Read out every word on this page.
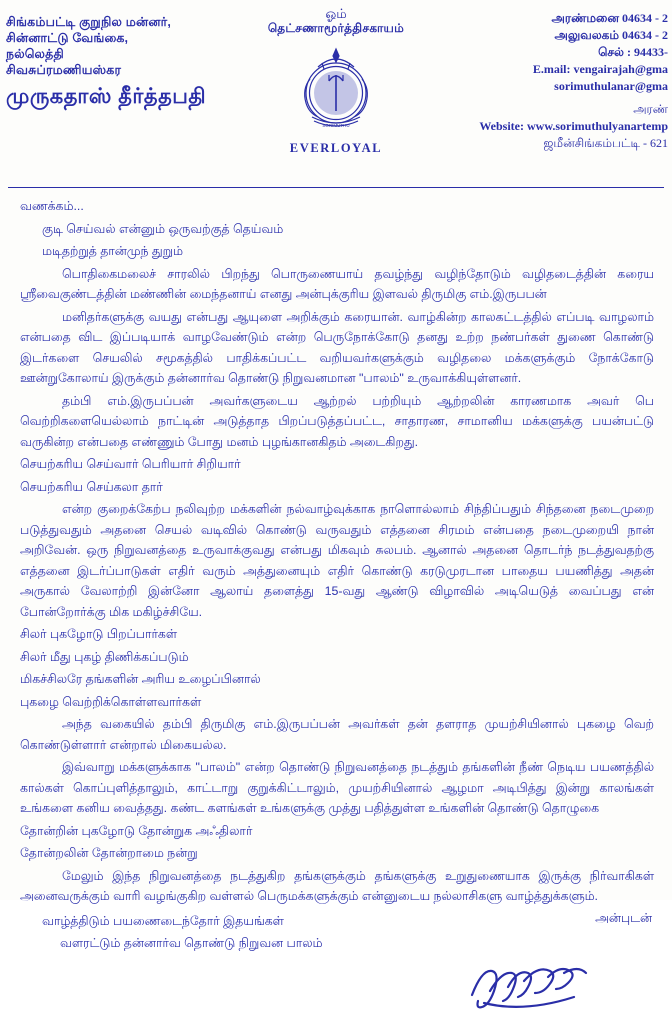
சிங்கம்பட்டி குறுநில மன்னர்,
சின்னாட்டு வேங்கை,
நல்லெத்தி
சிவசுப்ரமணியஸ்கர
முருகதாஸ் தீர்த்தபதி
ஓம்
தெட்சணாமூர்த்திசகாயம்
SORIMUTHU
EVERLOYAL
அரண்மனை 04634 - 2
அலுவலகம் 04634 - 2
செல் : 94433-
E.mail: vengairajah@gma
sorimuthulanar@gma
அரண்
Website: www.sorimuthulyanartemp
ஜமீன்சிங்கம்பட்டி - 621
வணக்கம்...
குடி செய்வல் என்னும் ஒருவற்குத் தெய்வம்
மடிதற்றுத் தான்முந் துறும்
பொதிகைமலைச் சாரலில் பிறந்து பொருணையாய் தவழ்ந்து வழிந்தோடும் வழிதடைத்தின் கரைய ஸ்ரீவைகுண்டத்தின் மண்ணின் மைந்தனாய் எனது அன்புக்குரிய இளவல் திருமிகு எம்.இருபபன்
மனிதர்களுக்கு வயது என்பது ஆயுளை அறிக்கும் கரையான். வாழ்கின்ற காலகட்டத்தில் எப்படி வாழலாம் என்பதை விட இப்படியாக் வாழவேண்டும் என்ற பெருநோக்கோடு தனது உற்ற நண்பர்கள் துணை கொண்டு இடர்களை செயலில் சமூகத்தில் பாதிக்கப்பட்ட வறியவர்களுக்கும் வழிதலை மக்களுக்கும் நோக்கோடு ஊன்றுகோலாய் இருக்கும் தன்னார்வ தொண்டு நிறுவனமான "பாலம்" உருவாக்கியுள்ளனர்.
தம்பி எம்.இருபப்பன் அவர்களுடைய ஆற்றல் பற்றியும் ஆற்றலின் காரணமாக அவர் பெ வெற்றிகளையெல்லாம் நாட்டின் அடுத்தாத பிறப்படுத்தப்பட்ட, சாதாரண, சாமானிய மக்களுக்கு பயன்பட்டு வருகின்ற என்பதை எண்ணும் போது மனம் புழங்கானகிதம் அடைகிறது.
செயற்கரிய செய்வார் பெரியார் சிறியார்
செயற்கரிய செய்கலா தார்
என்ற குறைக்கேற்ப நலிவுற்ற மக்களின் நல்வாழ்வுக்காக நாளொல்லாம் சிந்திப்பதும் சிந்தனை நடைமுறை படுத்துவதும் அதனை செயல் வடிவில் கொண்டு வருவதும் எத்தனை சிரமம் என்பதை நடைமுறையி நான் அறிவேன். ஒரு நிறுவனத்தை உருவாக்குவது என்பது மிகவும் சுலபம். ஆனால் அதனை தொடர்ந் நடத்துவதற்கு எத்தனை இடர்ப்பாடுகள் எதிர் வரும் அத்துனையும் எதிர் கொண்டு கரடுமுரடான பாதைய பயணித்து அதன் அருகால் வேலாற்றி இன்னோ ஆலாய் தளைத்து 15-வது ஆண்டு விழாவில் அடியெடுத் வைப்பது என் போன்றோர்க்கு மிக மகிழ்ச்சியே.
சிலர் புகழோடு பிறப்பார்கள்
சிலர் மீது புகழ் திணிக்கப்படும்
மிகச்சிலரே தங்களின் அரிய உழைப்பினால்
புகழை வெற்றிக்கொள்ளவார்கள்
அந்த வகையில் தம்பி திருமிகு எம்.இருபப்பன் அவர்கள் தன் தளராத முயற்சியினால் புகழை வெற் கொண்டுள்ளார் என்றால் மிகையல்ல.
இவ்வாறு மக்களுக்காக "பாலம்" என்ற தொண்டு நிறுவனத்தை நடத்தும் தங்களின் நீண் நெடிய பயணத்தில் கால்கள் கொப்புளித்தாலும், காட்டாறு குறுக்கிட்டாலும், முயற்சியினால் ஆழமா அடிபித்து இன்று காலங்கள் உங்களை கனிய வைத்தது. கண்ட களங்கள் உங்களுக்கு முத்து பதித்துள்ள உங்களின் தொண்டு தொழுகை
தோன்றின் புகழோடு தோன்றுக அஃதிலார்
தோன்றலின் தோன்றாமை நன்று
மேலும் இந்த நிறுவனத்தை நடத்துகிற தங்களுக்கும் தங்களுக்கு உறுதுணையாக இருக்கு நிர்வாகிகள் அனைவருக்கும் வாரி வழங்குகிற வள்ளல் பெருமக்களுக்கும் என்னுடைய நல்லாசிகளு வாழ்த்துக்களும்.
வாழ்த்திடும் பயணைடைந்தோர் இதயங்கள்	அன்புடன்
வளரட்டும் தன்னார்வ தொண்டு நிறுவன பாலம்
